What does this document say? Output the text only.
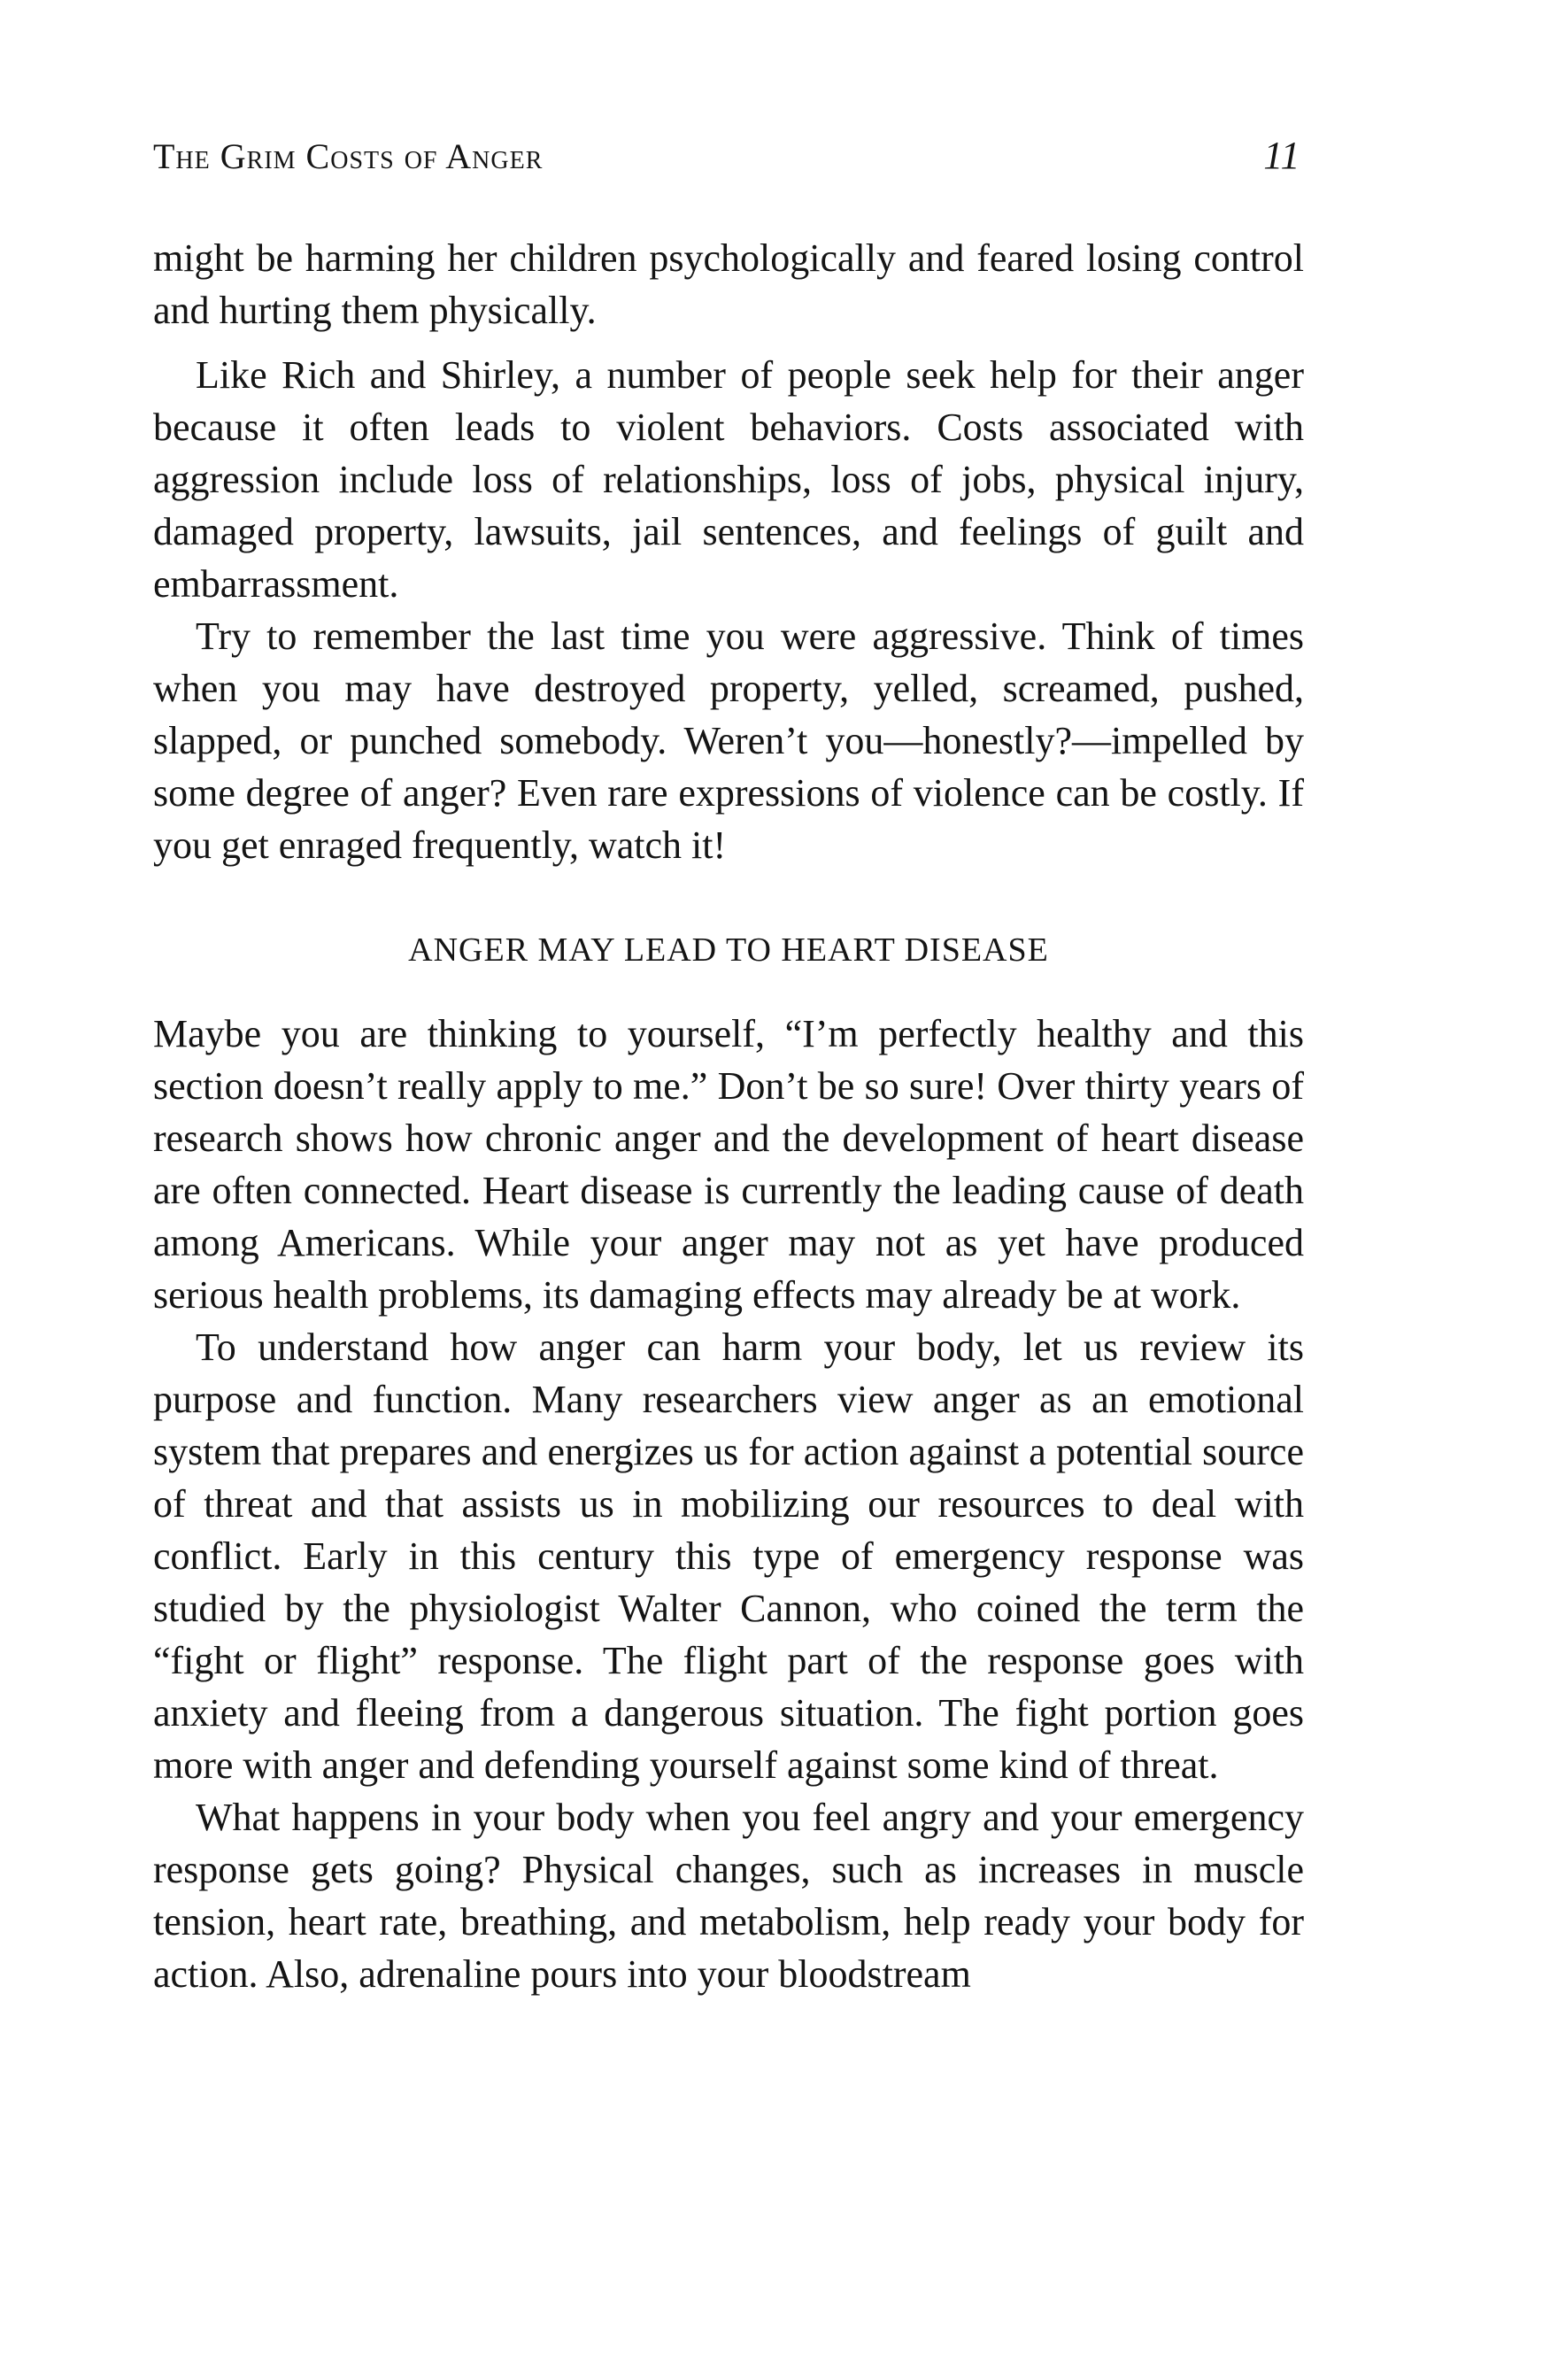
The Grim Costs of Anger	11

might be harming her children psychologically and feared losing control and hurting them physically.

Like Rich and Shirley, a number of people seek help for their anger because it often leads to violent behaviors. Costs associated with aggression include loss of relationships, loss of jobs, physical injury, damaged property, lawsuits, jail sentences, and feelings of guilt and embarrassment.

Try to remember the last time you were aggressive. Think of times when you may have destroyed property, yelled, screamed, pushed, slapped, or punched somebody. Weren’t you—honestly?—impelled by some degree of anger? Even rare expressions of violence can be costly. If you get enraged frequently, watch it!

ANGER MAY LEAD TO HEART DISEASE

Maybe you are thinking to yourself, “I’m perfectly healthy and this section doesn’t really apply to me.” Don’t be so sure! Over thirty years of research shows how chronic anger and the development of heart disease are often connected. Heart disease is currently the leading cause of death among Americans. While your anger may not as yet have produced serious health problems, its damaging effects may already be at work.

To understand how anger can harm your body, let us review its purpose and function. Many researchers view anger as an emotional system that prepares and energizes us for action against a potential source of threat and that assists us in mobilizing our resources to deal with conflict. Early in this century this type of emergency response was studied by the physiologist Walter Cannon, who coined the term the “fight or flight” response. The flight part of the response goes with anxiety and fleeing from a dangerous situation. The fight portion goes more with anger and defending yourself against some kind of threat.

What happens in your body when you feel angry and your emergency response gets going? Physical changes, such as increases in muscle tension, heart rate, breathing, and metabolism, help ready your body for action. Also, adrenaline pours into your bloodstream
